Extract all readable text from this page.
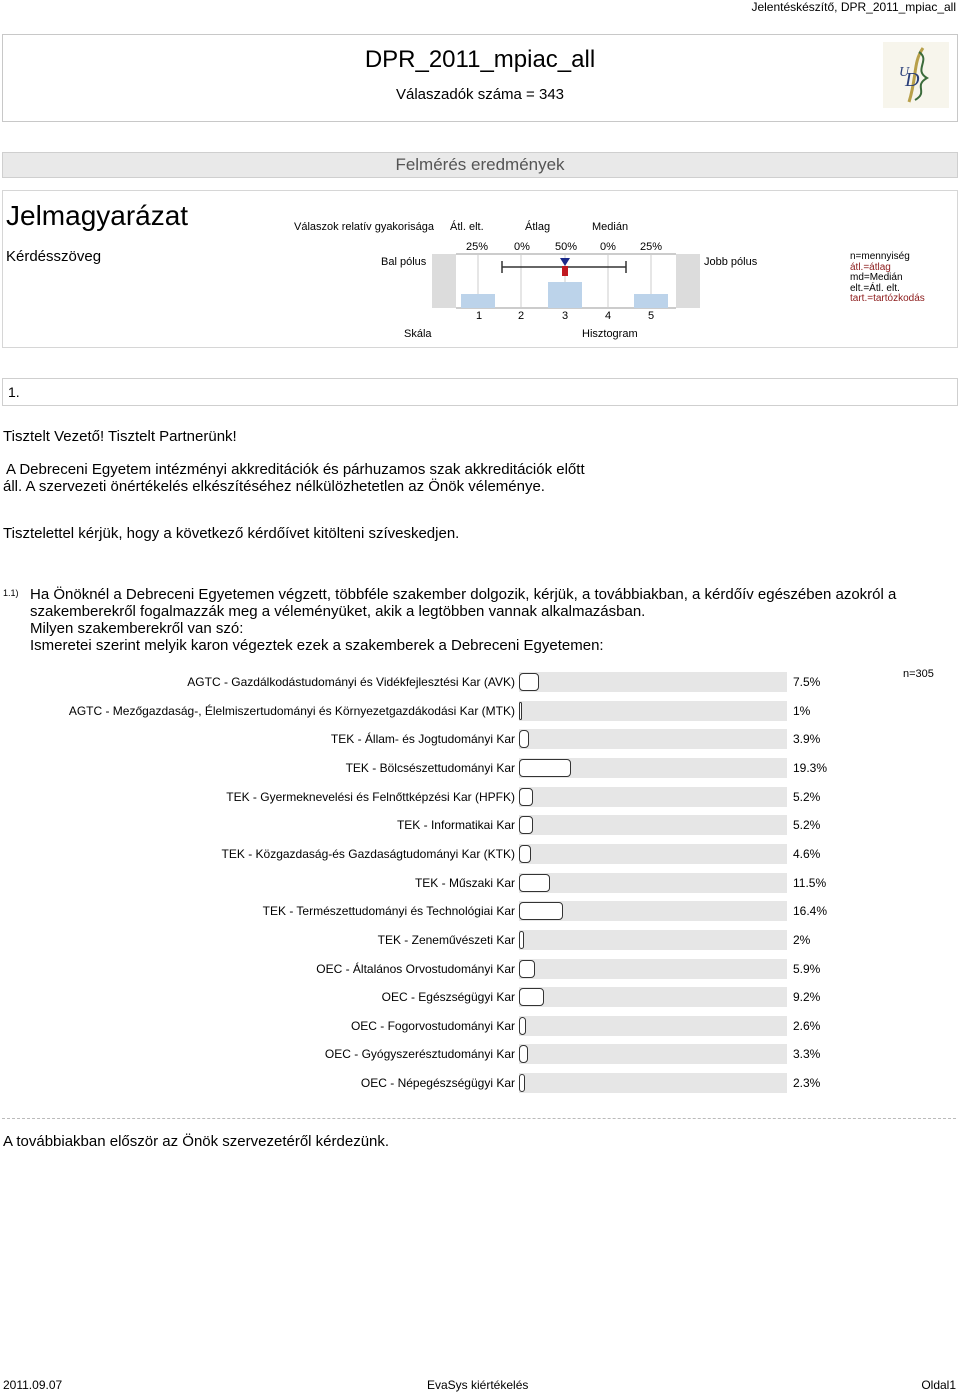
Jelentéskészítő, DPR_2011_mpiac_all
DPR_2011_mpiac_all
Válaszadók száma = 343
D
U
Felmérés eredmények
Jelmagyarázat
Kérdésszöveg
Válaszok relatív gyakorisága Átl. elt.	Átlag	Medián
Bal pólus	Jobb pólus
Skála	Hisztogram
25% 0% 50% 0% 25%
1	2	3	4	5
n=mennyiség
átl.=átlag
md=Medián
elt.=Átl. elt.
tart.=tartózkodás
1.
Tisztelt Vezető! Tisztelt Partnerünk!
A Debreceni Egyetem intézményi akkreditációk és párhuzamos szak akkreditációk előtt
áll. A szervezeti önértékelés elkészítéséhez nélkülözhetetlen az Önök véleménye.
Tisztelettel kérjük, hogy a következő kérdőívet kitölteni szíveskedjen.
1.1) Ha Önöknél a Debreceni Egyetemen végzett, többféle szakember dolgozik, kérjük, a továbbiakban, a kérdőív egészében azokról a
szakemberekről fogalmazzák meg a véleményüket, akik a legtöbben vannak alkalmazásban.
Milyen szakemberekről van szó:
Ismeretei szerint melyik karon végeztek ezek a szakemberek a Debreceni Egyetemen:
n=305
AGTC - Gazdálkodástudományi és Vidékfejlesztési Kar (AVK)	7.5%
AGTC - Mezőgazdaság-, Élelmiszertudományi és Környezetgazdákodási Kar (MTK)	1%
TEK - Állam- és Jogtudományi Kar	3.9%
TEK - Bölcsészettudományi Kar	19.3%
TEK - Gyermeknevelési és Felnőttképzési Kar (HPFK)	5.2%
TEK - Informatikai Kar	5.2%
TEK - Közgazdaság-és Gazdaságtudományi Kar (KTK)	4.6%
TEK - Műszaki Kar	11.5%
TEK - Természettudományi és Technológiai Kar	16.4%
TEK - Zeneművészeti Kar	2%
OEC - Általános Orvostudományi Kar	5.9%
OEC - Egészségügyi Kar	9.2%
OEC - Fogorvostudományi Kar	2.6%
OEC - Gyógyszerésztudományi Kar	3.3%
OEC - Népegészségügyi Kar	2.3%
A továbbiakban először az Önök szervezetéről kérdezünk.
2011.09.07	EvaSys kiértékelés	Oldal1
